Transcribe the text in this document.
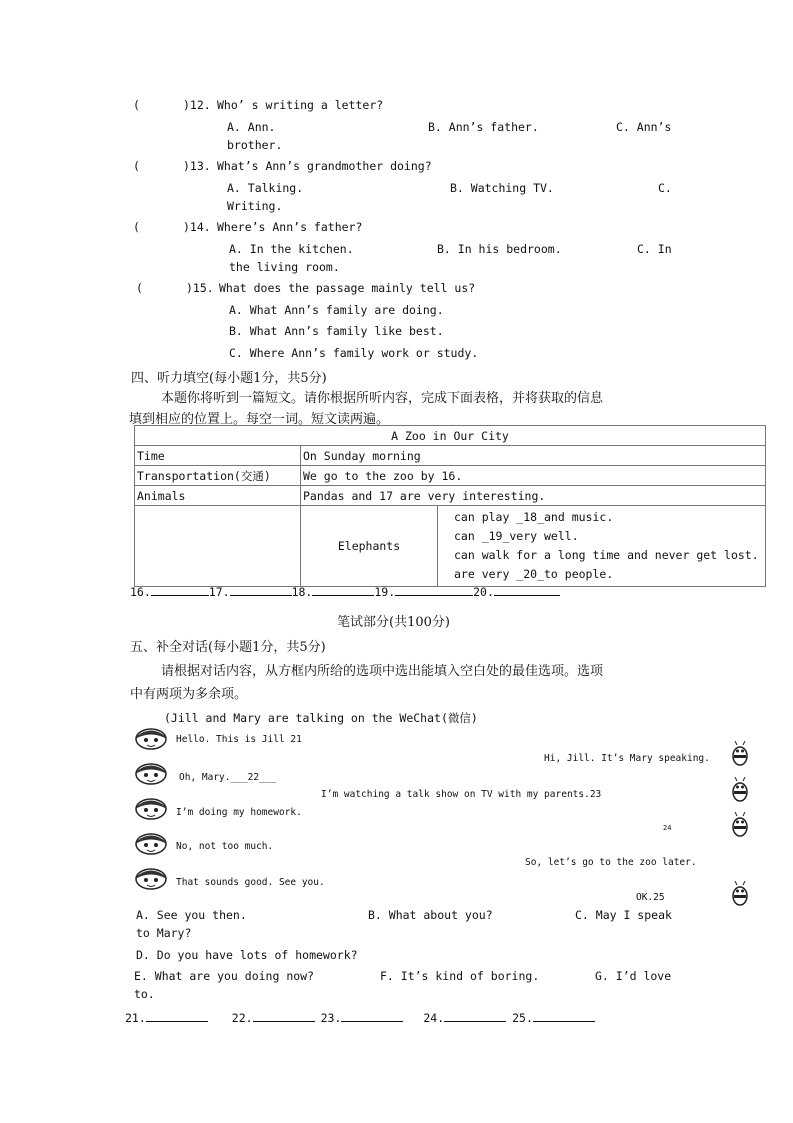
(	)12. Who’ s writing a letter?
A. Ann.	B. Ann’s father.	C. Ann’s
brother.
(	)13. What’s Ann’s grandmother doing?
A. Talking.	B. Watching TV.	C.
Writing.
(	)14. Where’s Ann’s father?
A. In the kitchen.	B. In his bedroom.	C. In
the living room.
(	)15. What does the passage mainly tell us?
A. What Ann’s family are doing.
B. What Ann’s family like best.
C. Where Ann’s family work or study.
四、听力填空(每小题1分，共5分)
本题你将听到一篇短文。请你根据所听内容，完成下面表格，并将获取的信息
填到相应的位置上。每空一词。短文读两遍。
A Zoo in Our City		
Time	On Sunday morning	
Transportation(交通)	We go to the zoo by 16.	
Animals	Pandas and 17 are very interesting.	
	Elephants	can play _18_and music.
can _19_very well.
can walk for a long time and never get lost.
are very _20_to people.
16.	17.	18.	19.	20.
笔试部分(共100分)
五、补全对话(每小题1分，共5分)
请根据对话内容，从方框内所给的选项中选出能填入空白处的最佳选项。选项
中有两项为多余项。
(Jill and Mary are talking on the WeChat(微信)
Hello. This is Jill 21
Hi, Jill. It’s Mary speaking.
Oh, Mary.___22___
I’m watching a talk show on TV with my parents.23
I’m doing my homework.
24
No, not too much.
So, let’s go to the zoo later.
That sounds good. See you.
OK.25
A. See you then.	B. What about you?	C. May I speak
to Mary?
D. Do you have lots of homework?
E. What are you doing now?	F. It’s kind of boring.	G. I’d love
to.
21.	22.	23.	24.	25.
